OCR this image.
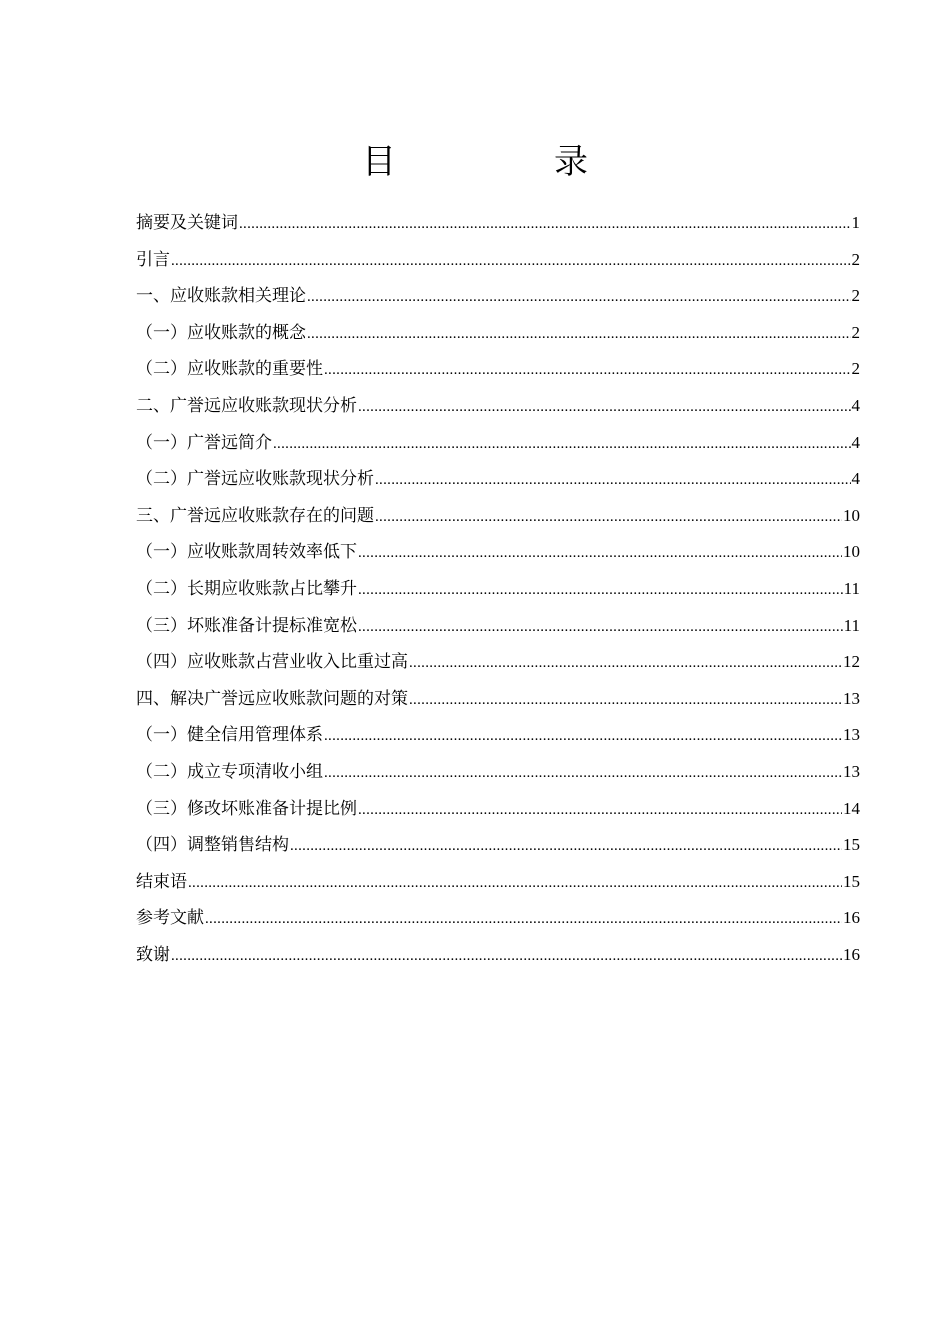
目　录
摘要及关键词 .....	1
引言 .....	2
一、应收账款相关理论 .....	2
（一）应收账款的概念 .....	2
（二）应收账款的重要性 .....	2
二、广誉远应收账款现状分析 .....	4
（一）广誉远简介 .....	4
（二）广誉远应收账款现状分析 .....	4
三、广誉远应收账款存在的问题 .....	10
（一）应收账款周转效率低下 .....	10
（二）长期应收账款占比攀升 .....	11
（三）坏账准备计提标准宽松 .....	11
（四）应收账款占营业收入比重过高 .....	12
四、解决广誉远应收账款问题的对策 .....	13
（一）健全信用管理体系 .....	13
（二）成立专项清收小组 .....	13
（三）修改坏账准备计提比例 .....	14
（四）调整销售结构 .....	15
结束语 .....	15
参考文献 .....	16
致谢 .....	16
